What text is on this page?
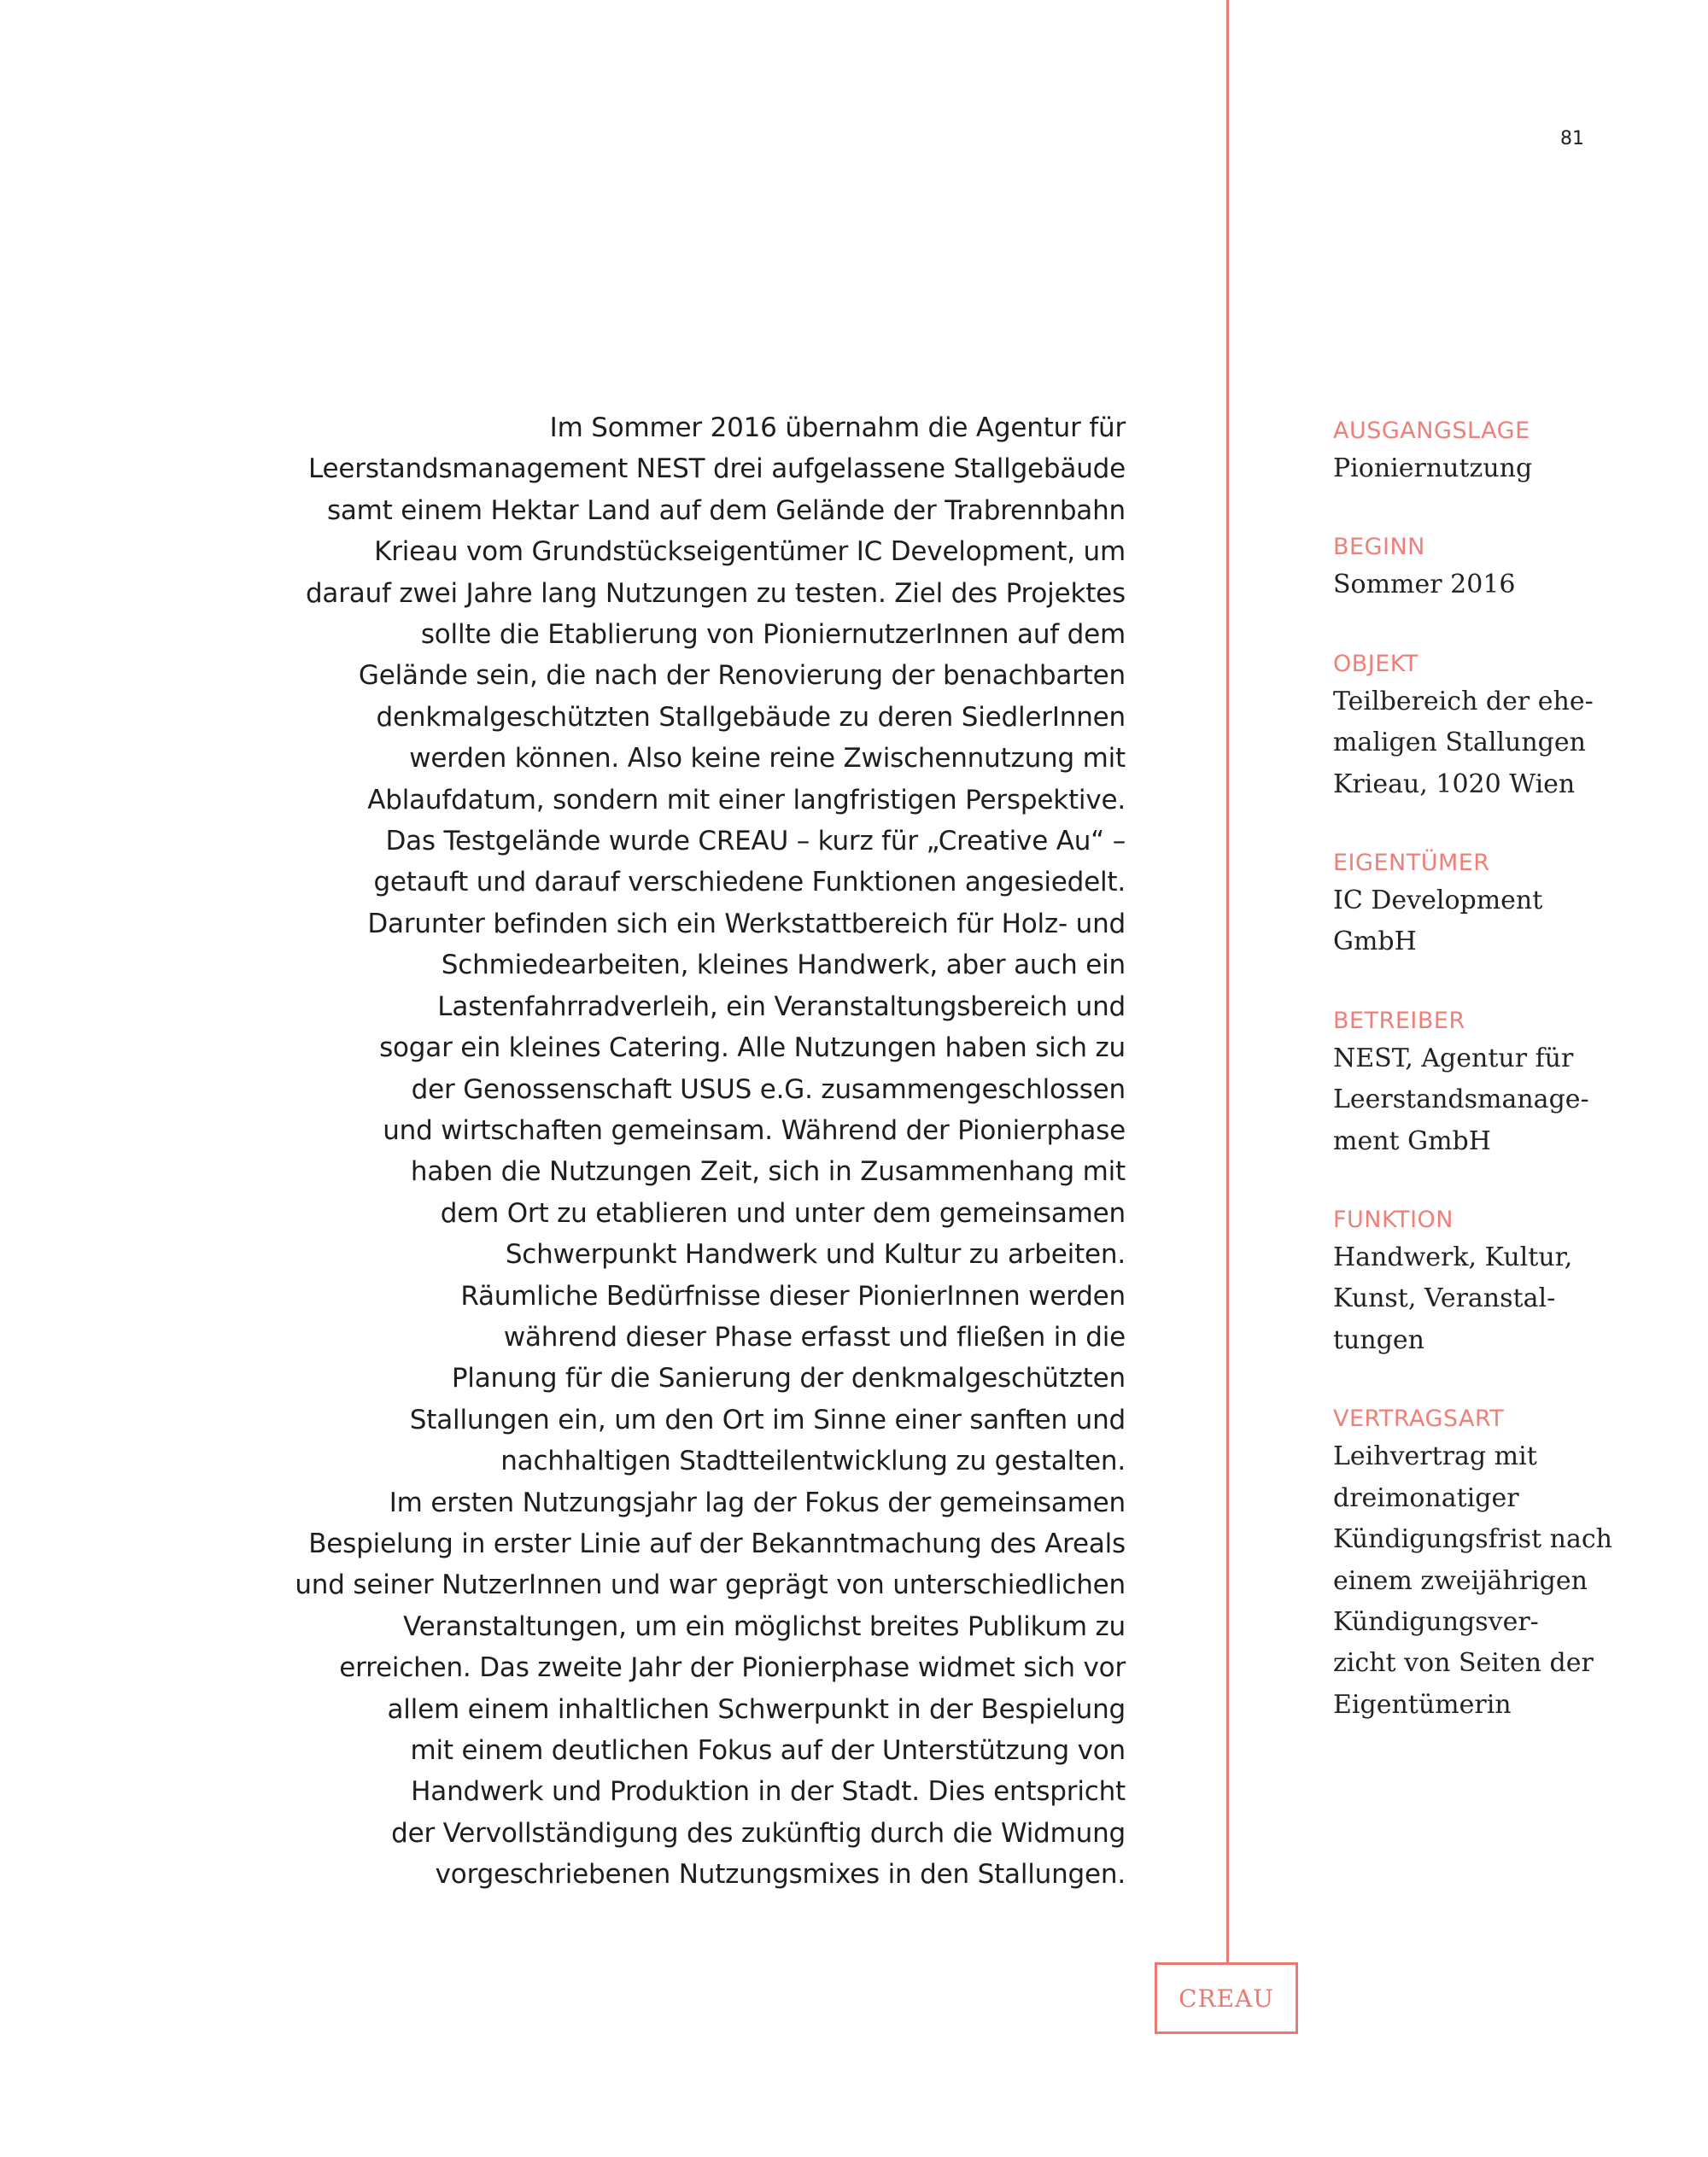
81

Im Sommer 2016 übernahm die Agentur für
Leerstandsmanagement NEST drei aufgelassene Stallgebäude
samt einem Hektar Land auf dem Gelände der Trabrennbahn
Krieau vom Grundstückseigentümer IC Development, um
darauf zwei Jahre lang Nutzungen zu testen. Ziel des Projektes
sollte die Etablierung von PioniernutzerInnen auf dem
Gelände sein, die nach der Renovierung der benachbarten
denkmalgeschützten Stallgebäude zu deren SiedlerInnen
werden können. Also keine reine Zwischennutzung mit
Ablaufdatum, sondern mit einer langfristigen Perspektive.
Das Testgelände wurde CREAU – kurz für „Creative Au“ –
getauft und darauf verschiedene Funktionen angesiedelt.
Darunter befinden sich ein Werkstattbereich für Holz- und
Schmiedearbeiten, kleines Handwerk, aber auch ein
Lastenfahrradverleih, ein Veranstaltungsbereich und
sogar ein kleines Catering. Alle Nutzungen haben sich zu
der Genossenschaft USUS e.G. zusammengeschlossen
und wirtschaften gemeinsam. Während der Pionierphase
haben die Nutzungen Zeit, sich in Zusammenhang mit
dem Ort zu etablieren und unter dem gemeinsamen
Schwerpunkt Handwerk und Kultur zu arbeiten.
Räumliche Bedürfnisse dieser PionierInnen werden
während dieser Phase erfasst und fließen in die
Planung für die Sanierung der denkmalgeschützten
Stallungen ein, um den Ort im Sinne einer sanften und
nachhaltigen Stadtteilentwicklung zu gestalten.
Im ersten Nutzungsjahr lag der Fokus der gemeinsamen
Bespielung in erster Linie auf der Bekanntmachung des Areals
und seiner NutzerInnen und war geprägt von unterschiedlichen
Veranstaltungen, um ein möglichst breites Publikum zu
erreichen. Das zweite Jahr der Pionierphase widmet sich vor
allem einem inhaltlichen Schwerpunkt in der Bespielung
mit einem deutlichen Fokus auf der Unterstützung von
Handwerk und Produktion in der Stadt. Dies entspricht
der Vervollständigung des zukünftig durch die Widmung
vorgeschriebenen Nutzungsmixes in den Stallungen.

AUSGANGSLAGE
Pioniernutzung
BEGINN
Sommer 2016
OBJEKT
Teilbereich der ehe-
maligen Stallungen
Krieau, 1020 Wien
EIGENTÜMER
IC Development
GmbH
BETREIBER
NEST, Agentur für
Leerstandsmanage-
ment GmbH
FUNKTION
Handwerk, Kultur,
Kunst, Veranstal-
tungen
VERTRAGSART
Leihvertrag mit
dreimonatiger
Kündigungsfrist nach
einem zweijährigen
Kündigungsver-
zicht von Seiten der
Eigentümerin
CREAU
